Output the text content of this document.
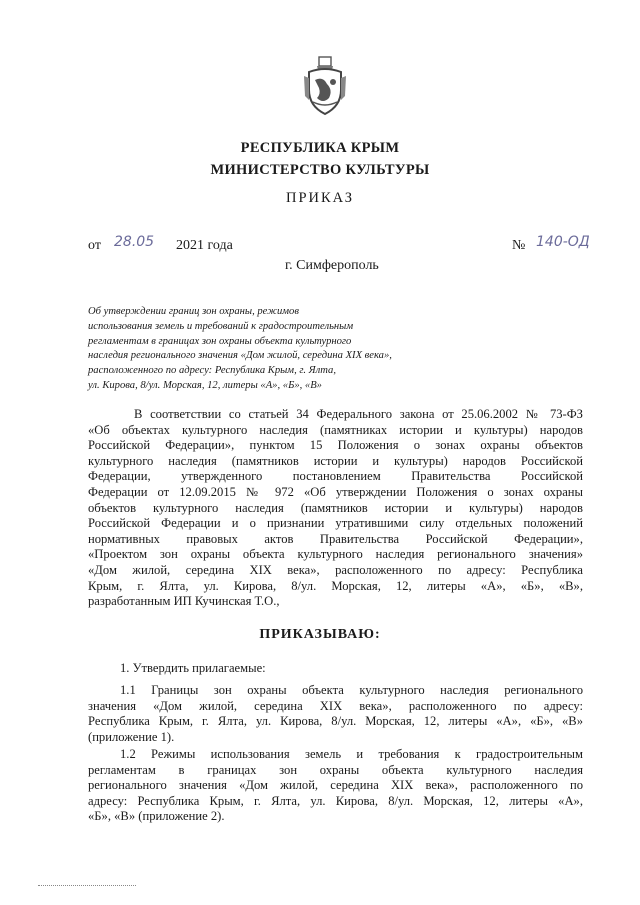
РЕСПУБЛИКА КРЫМ
МИНИСТЕРСТВО КУЛЬТУРЫ
ПРИКАЗ
от 28.05 2021 года	№ 140-ОД
г. Симферополь
Об утверждении границ зон охраны, режимов
использования земель и требований к градостроительным
регламентам в границах зон охраны объекта культурного
наследия регионального значения «Дом жилой, середина XIX века»,
расположенного по адресу: Республика Крым, г. Ялта,
ул. Кирова, 8/ул. Морская, 12, литеры «А», «Б», «В»
В соответствии со статьей 34 Федерального закона от 25.06.2002 № 73-ФЗ
«Об объектах культурного наследия (памятниках истории и культуры) народов
Российской Федерации», пунктом 15 Положения о зонах охраны объектов
культурного наследия (памятников истории и культуры) народов Российской
Федерации, утвержденного постановлением Правительства Российской
Федерации от 12.09.2015 № 972 «Об утверждении Положения о зонах охраны
объектов культурного наследия (памятников истории и культуры) народов
Российской Федерации и о признании утратившими силу отдельных положений
нормативных правовых актов Правительства Российской Федерации»,
«Проектом зон охраны объекта культурного наследия регионального значения»
«Дом жилой, середина XIX века», расположенного по адресу: Республика
Крым, г. Ялта, ул. Кирова, 8/ул. Морская, 12, литеры «А», «Б», «В»,
разработанным ИП Кучинская Т.О.,
ПРИКАЗЫВАЮ:
1. Утвердить прилагаемые:
1.1 Границы зон охраны объекта культурного наследия регионального
значения «Дом жилой, середина XIX века», расположенного по адресу:
Республика Крым, г. Ялта, ул. Кирова, 8/ул. Морская, 12, литеры «А», «Б», «В»
(приложение 1).
1.2 Режимы использования земель и требования к градостроительным
регламентам в границах зон охраны объекта культурного наследия
регионального значения «Дом жилой, середина XIX века», расположенного по
адресу: Республика Крым, г. Ялта, ул. Кирова, 8/ул. Морская, 12, литеры «А»,
«Б», «В» (приложение 2).
